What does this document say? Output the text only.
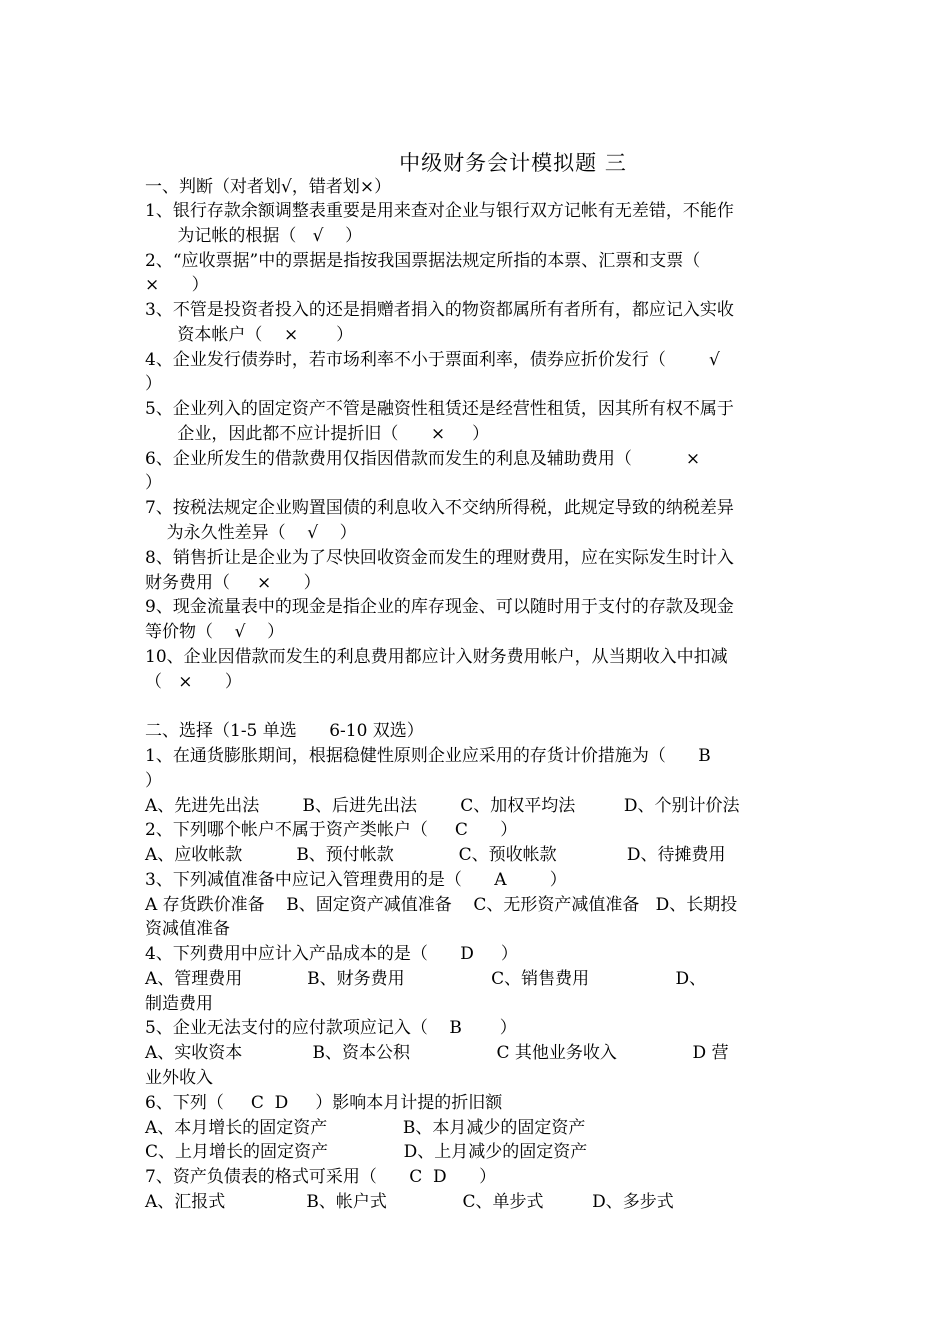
中级财务会计模拟题 三
一、判断（对者划√，错者划×）
1、银行存款余额调整表重要是用来查对企业与银行双方记帐有无差错，不能作
为记帐的根据（   √    ）
2、“应收票据”中的票据是指按我国票据法规定所指的本票、汇票和支票（
×      ）
3、不管是投资者投入的还是捐赠者捐入的物资都属所有者所有，都应记入实收
资本帐户（    ×       ）
4、企业发行债券时，若市场利率不小于票面利率，债券应折价发行（        √
）
5、企业列入的固定资产不管是融资性租赁还是经营性租赁，因其所有权不属于
企业，因此都不应计提折旧（      ×     ）
6、企业所发生的借款费用仅指因借款而发生的利息及辅助费用（          ×
）
7、按税法规定企业购置国债的利息收入不交纳所得税，此规定导致的纳税差异
为永久性差异（    √    ）
8、销售折让是企业为了尽快回收资金而发生的理财费用，应在实际发生时计入
财务费用（     ×      ）
9、现金流量表中的现金是指企业的库存现金、可以随时用于支付的存款及现金
等价物（    √    ）
10、企业因借款而发生的利息费用都应计入财务费用帐户，从当期收入中扣减
（   ×      ）
二、选择（1-5 单选      6-10 双选）
1、在通货膨胀期间，根据稳健性原则企业应采用的存货计价措施为（      B
）
A、先进先出法        B、后进先出法        C、加权平均法         D、个别计价法
2、下列哪个帐户不属于资产类帐户（     C      ）
A、应收帐款          B、预付帐款            C、预收帐款             D、待摊费用
3、下列减值准备中应记入管理费用的是（      A        ）
A 存货跌价准备    B、固定资产减值准备    C、无形资产减值准备   D、长期投
资减值准备
4、下列费用中应计入产品成本的是（      D     ）
A、管理费用            B、财务费用                C、销售费用                D、
制造费用
5、企业无法支付的应付款项应记入（    B       ）
A、实收资本             B、资本公积                C 其他业务收入              D 营
业外收入
6、下列（     C  D     ）影响本月计提的折旧额
A、本月增长的固定资产              B、本月减少的固定资产
C、上月增长的固定资产              D、上月减少的固定资产
7、资产负债表的格式可采用（      C  D      ）
A、汇报式               B、帐户式              C、单步式         D、多步式
